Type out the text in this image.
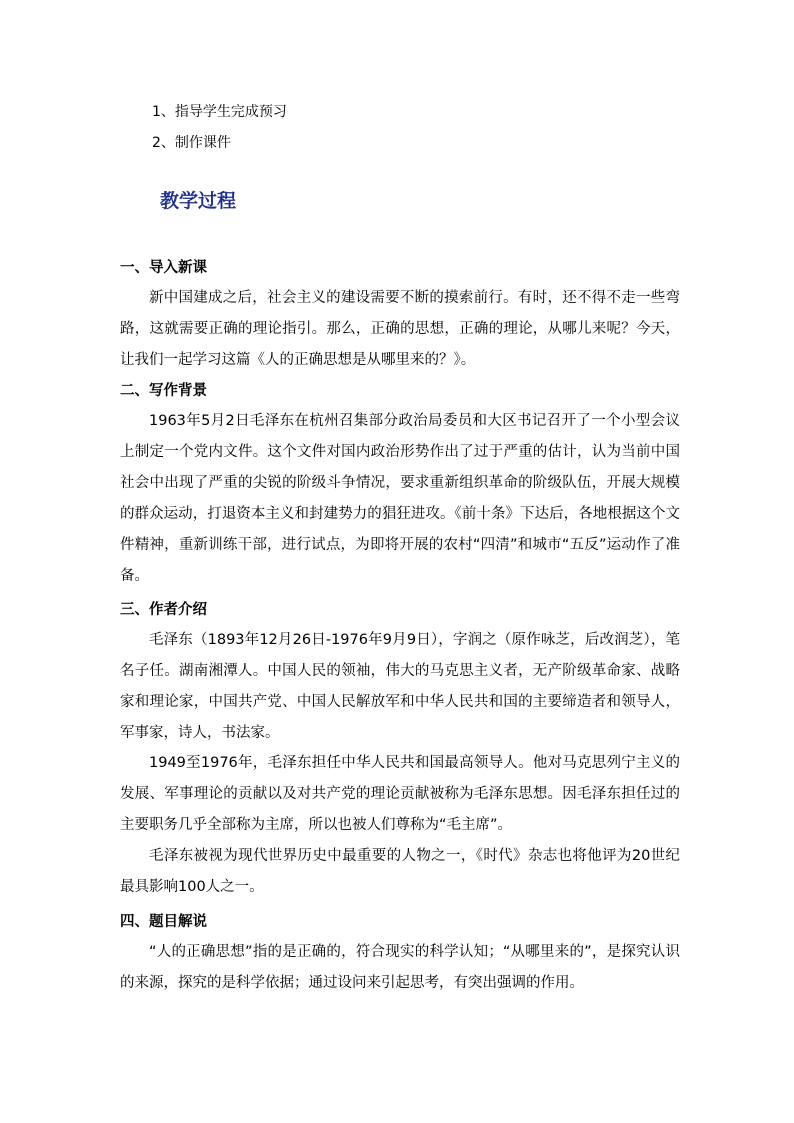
1、指导学生完成预习
2、制作课件
教学过程
一、导入新课

新中国建成之后，社会主义的建设需要不断的摸索前行。有时，还不得不走一些弯路，这就需要正确的理论指引。那么，正确的思想，正确的理论，从哪儿来呢？今天，让我们一起学习这篇《人的正确思想是从哪里来的？》。

二、写作背景

1963年5月2日毛泽东在杭州召集部分政治局委员和大区书记召开了一个小型会议上制定一个党内文件。这个文件对国内政治形势作出了过于严重的估计，认为当前中国社会中出现了严重的尖锐的阶级斗争情况，要求重新组织革命的阶级队伍，开展大规模的群众运动，打退资本主义和封建势力的猖狂进攻。《前十条》下达后，各地根据这个文件精神，重新训练干部，进行试点，为即将开展的农村“四清”和城市“五反”运动作了准备。

三、作者介绍

毛泽东（1893年12月26日-1976年9月9日），字润之（原作咏芝，后改润芝），笔名子任。湖南湘潭人。中国人民的领袖，伟大的马克思主义者，无产阶级革命家、战略家和理论家，中国共产党、中国人民解放军和中华人民共和国的主要缔造者和领导人，军事家，诗人，书法家。

1949至1976年，毛泽东担任中华人民共和国最高领导人。他对马克思列宁主义的发展、军事理论的贡献以及对共产党的理论贡献被称为毛泽东思想。因毛泽东担任过的主要职务几乎全部称为主席，所以也被人们尊称为“毛主席”。

毛泽东被视为现代世界历史中最重要的人物之一，《时代》杂志也将他评为20世纪最具影响100人之一。

四、题目解说

“人的正确思想”指的是正确的，符合现实的科学认知；“从哪里来的”，是探究认识的来源，探究的是科学依据；通过设问来引起思考，有突出强调的作用。
